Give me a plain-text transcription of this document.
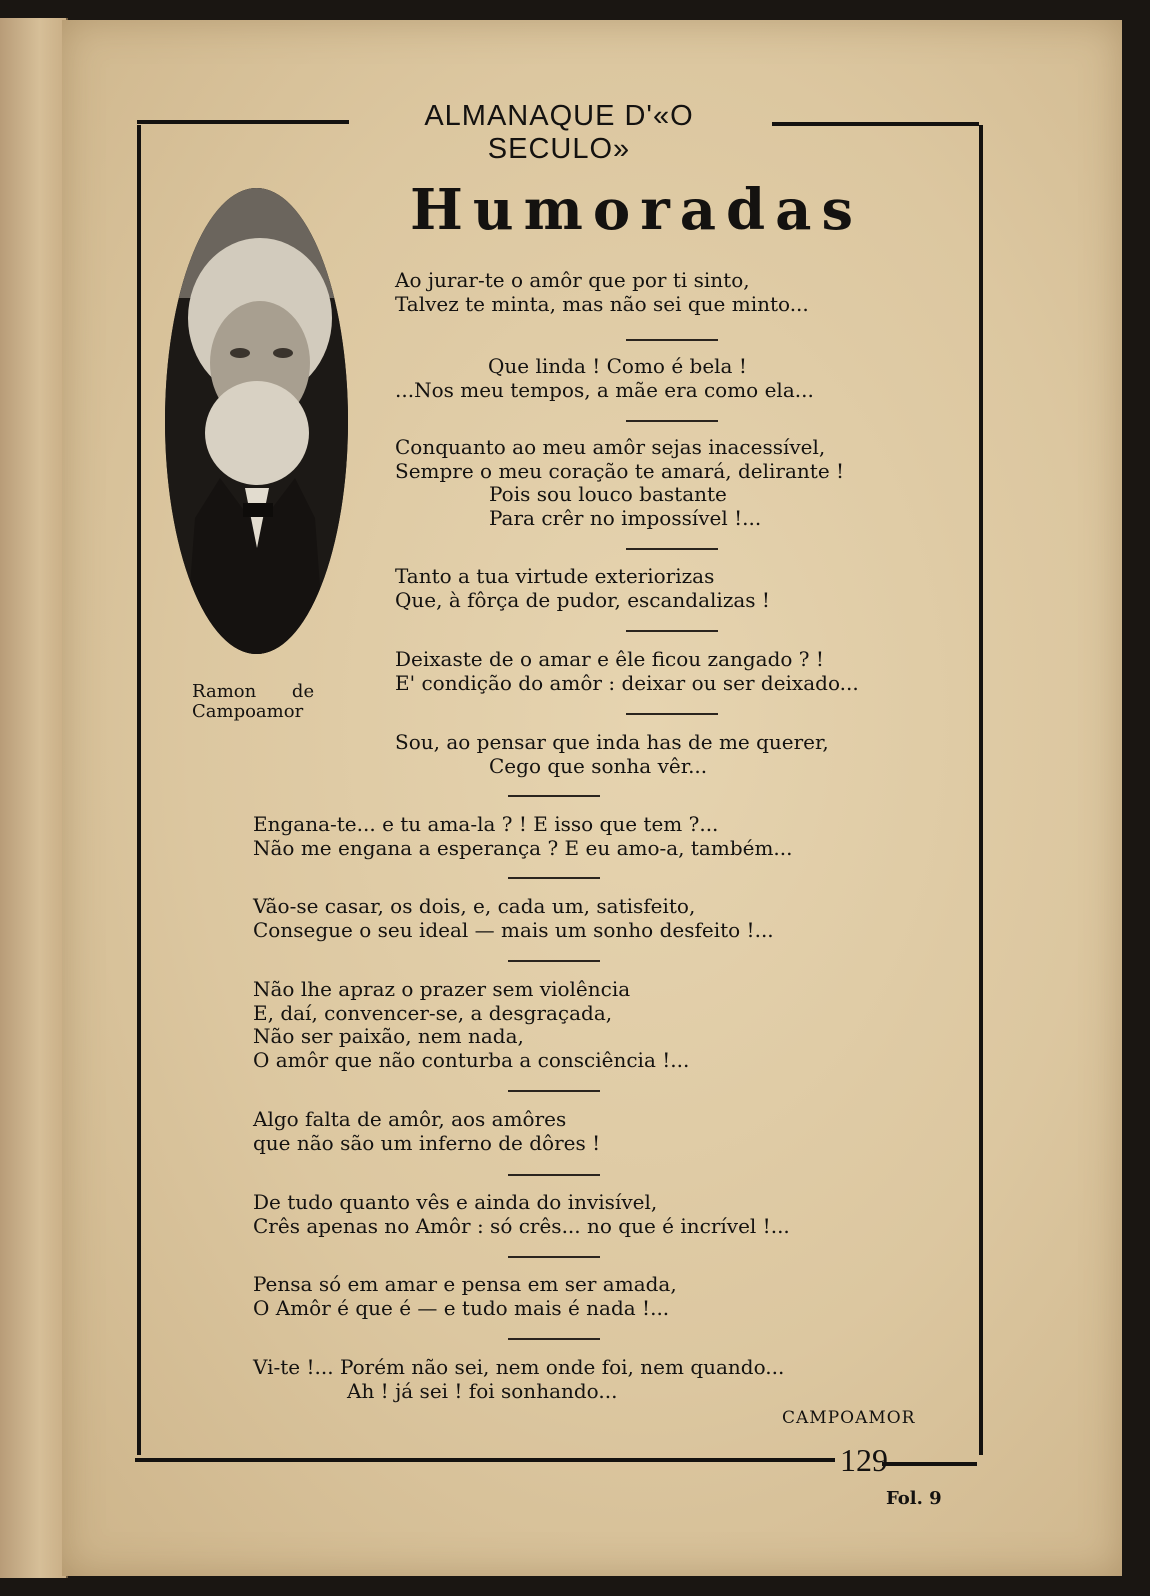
ALMANAQUE D'«O SECULO»
Humoradas
Ramon de
Campoamor
Ao jurar-te o amôr que por ti sinto,
Talvez te minta, mas não sei que minto...
Que linda ! Como é bela !
...Nos meu tempos, a mãe era como ela...
Conquanto ao meu amôr sejas inacessível,
Sempre o meu coração te amará, delirante !
Pois sou louco bastante
Para crêr no impossível !...
Tanto a tua virtude exteriorizas
Que, à fôrça de pudor, escandalizas !
Deixaste de o amar e êle ficou zangado ? !
E' condição do amôr : deixar ou ser deixado...
Sou, ao pensar que inda has de me querer,
Cego que sonha vêr...
Engana-te... e tu ama-la ? ! E isso que tem ?...
Não me engana a esperança ? E eu amo-a, também...
Vão-se casar, os dois, e, cada um, satisfeito,
Consegue o seu ideal — mais um sonho desfeito !...
Não lhe apraz o prazer sem violência
E, daí, convencer-se, a desgraçada,
Não ser paixão, nem nada,
O amôr que não conturba a consciência !...
Algo falta de amôr, aos amôres
que não são um inferno de dôres !
De tudo quanto vês e ainda do invisível,
Crês apenas no Amôr : só crês... no que é incrível !...
Pensa só em amar e pensa em ser amada,
O Amôr é que é — e tudo mais é nada !...
Vi-te !... Porém não sei, nem onde foi, nem quando...
Ah ! já sei ! foi sonhando...
CAMPOAMOR
129
Fol. 9
